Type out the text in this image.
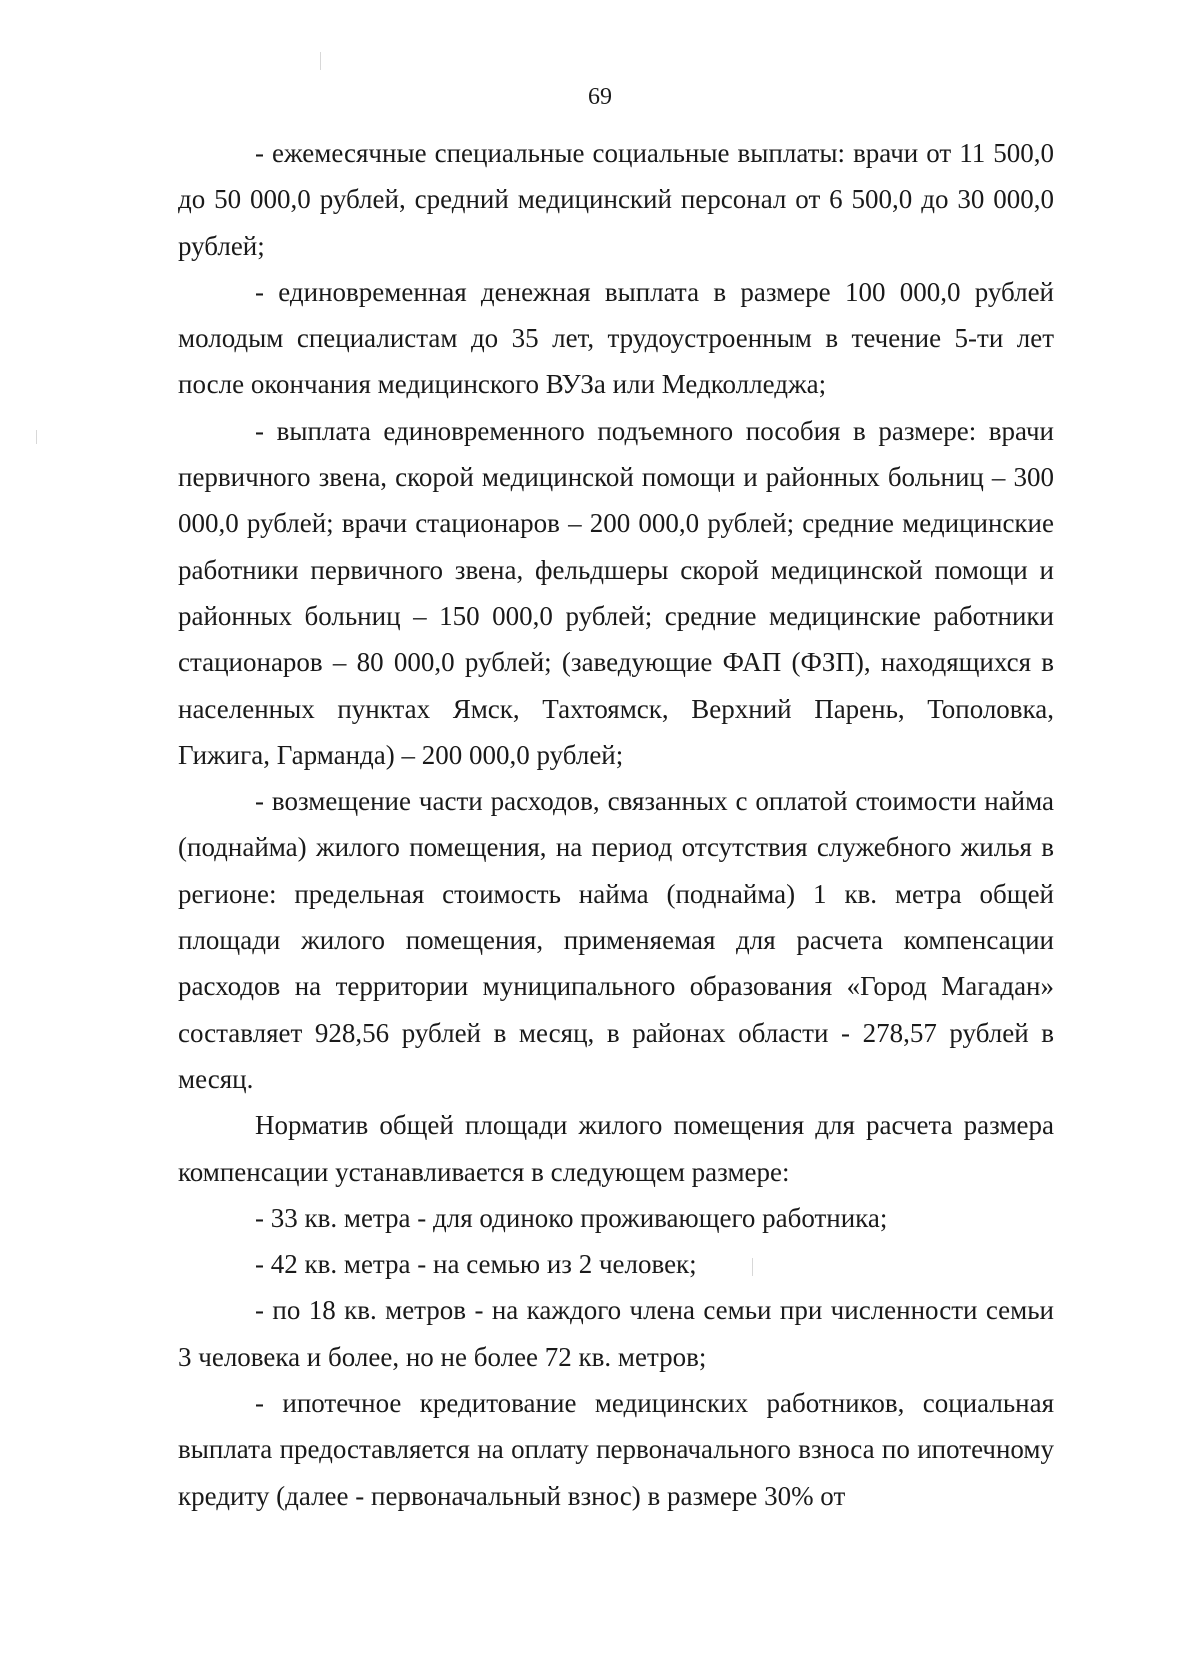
69

- ежемесячные специальные социальные выплаты: врачи от 11 500,0 до 50 000,0 рублей, средний медицинский персонал от 6 500,0 до 30 000,0 рублей;

- единовременная денежная выплата в размере 100 000,0 рублей молодым специалистам до 35 лет, трудоустроенным в течение 5-ти лет после окончания медицинского ВУЗа или Медколледжа;

- выплата единовременного подъемного пособия в размере: врачи первичного звена, скорой медицинской помощи и районных больниц – 300 000,0 рублей; врачи стационаров – 200 000,0 рублей; средние медицинские работники первичного звена, фельдшеры скорой медицинской помощи и районных больниц – 150 000,0 рублей; средние медицинские работники стационаров – 80 000,0 рублей; (заведующие ФАП (ФЗП), находящихся в населенных пунктах Ямск, Тахтоямск, Верхний Парень, Тополовка, Гижига, Гарманда) – 200 000,0 рублей;

- возмещение части расходов, связанных с оплатой стоимости найма (поднайма) жилого помещения, на период отсутствия служебного жилья в регионе: предельная стоимость найма (поднайма) 1 кв. метра общей площади жилого помещения, применяемая для расчета компенсации расходов на территории муниципального образования «Город Магадан» составляет 928,56 рублей в месяц, в районах области - 278,57 рублей в месяц.

Норматив общей площади жилого помещения для расчета размера компенсации устанавливается в следующем размере:

- 33 кв. метра - для одиноко проживающего работника;

- 42 кв. метра - на семью из 2 человек;

- по 18 кв. метров - на каждого члена семьи при численности семьи 3 человека и более, но не более 72 кв. метров;

- ипотечное кредитование медицинских работников, социальная выплата предоставляется на оплату первоначального взноса по ипотечному кредиту (далее - первоначальный взнос) в размере 30% от
